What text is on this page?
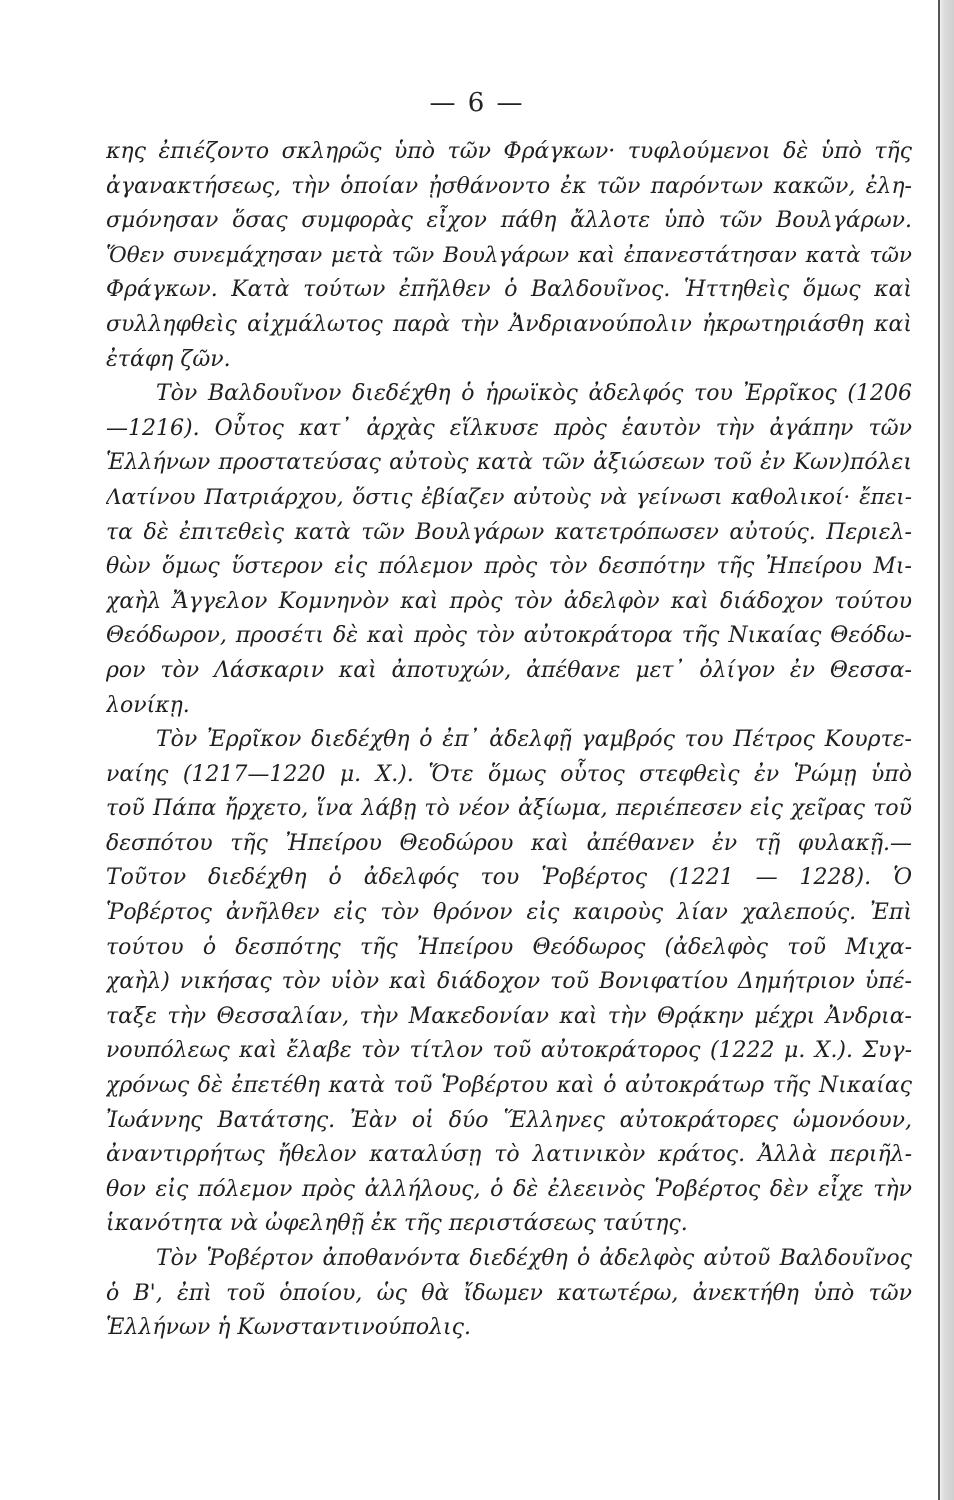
— 6 —
κης ἐπιέζοντο σκληρῶς ὑπὸ τῶν Φράγκων· τυφλούμενοι δὲ ὑπὸ τῆς
ἀγανακτήσεως, τὴν ὁποίαν ᾐσθάνοντο ἐκ τῶν παρόντων κακῶν, ἐλη-
σμόνησαν ὅσας συμφορὰς εἶχον πάθη ἄλλοτε ὑπὸ τῶν Βουλγάρων.
Ὅθεν συνεμάχησαν μετὰ τῶν Βουλγάρων καὶ ἐπανεστάτησαν κατὰ τῶν
Φράγκων. Κατὰ τούτων ἐπῆλθεν ὁ Βαλδουῖνος. Ἡττηθεὶς ὅμως καὶ
συλληφθεὶς αἰχμάλωτος παρὰ τὴν Ἀνδριανούπολιν ἠκρωτηριάσθη καὶ
ἐτάφη ζῶν.
Τὸν Βαλδουῖνον διεδέχθη ὁ ἡρωϊκὸς ἀδελφός του Ἐρρῖκος (1206
—1216). Οὗτος κατ᾽ ἀρχὰς εἵλκυσε πρὸς ἑαυτὸν τὴν ἀγάπην τῶν
Ἑλλήνων προστατεύσας αὐτοὺς κατὰ τῶν ἀξιώσεων τοῦ ἐν Κων)πόλει
Λατίνου Πατριάρχου, ὅστις ἐβίαζεν αὐτοὺς νὰ γείνωσι καθολικοί· ἔπει-
τα δὲ ἐπιτεθεὶς κατὰ τῶν Βουλγάρων κατετρόπωσεν αὐτούς. Περιελ-
θὼν ὅμως ὕστερον εἰς πόλεμον πρὸς τὸν δεσπότην τῆς Ἠπείρου Μι-
χαὴλ Ἄγγελον Κομνηνὸν καὶ πρὸς τὸν ἀδελφὸν καὶ διάδοχον τούτου
Θεόδωρον, προσέτι δὲ καὶ πρὸς τὸν αὐτοκράτορα τῆς Νικαίας Θεόδω-
ρον τὸν Λάσκαριν καὶ ἀποτυχών, ἀπέθανε μετ᾽ ὀλίγον ἐν Θεσσα-
λονίκῃ.
Τὸν Ἐρρῖκον διεδέχθη ὁ ἐπ᾽ ἀδελφῇ γαμβρός του Πέτρος Κουρτε-
ναίης (1217—1220 μ. Χ.). Ὅτε ὅμως οὗτος στεφθεὶς ἐν Ῥώμῃ ὑπὸ
τοῦ Πάπα ἤρχετο, ἵνα λάβῃ τὸ νέον ἀξίωμα, περιέπεσεν εἰς χεῖρας τοῦ
δεσπότου τῆς Ἠπείρου Θεοδώρου καὶ ἀπέθανεν ἐν τῇ φυλακῇ.—
Τοῦτον διεδέχθη ὁ ἀδελφός του Ῥοβέρτος (1221 — 1228). Ὁ
Ῥοβέρτος ἀνῆλθεν εἰς τὸν θρόνον εἰς καιροὺς λίαν χαλεπούς. Ἐπὶ
τούτου ὁ δεσπότης τῆς Ἠπείρου Θεόδωρος (ἀδελφὸς τοῦ Μιχα-
χαὴλ) νικήσας τὸν υἱὸν καὶ διάδοχον τοῦ Βονιφατίου Δημήτριον ὑπέ-
ταξε τὴν Θεσσαλίαν, τὴν Μακεδονίαν καὶ τὴν Θρᾴκην μέχρι Ἀνδρια-
νουπόλεως καὶ ἔλαβε τὸν τίτλον τοῦ αὐτοκράτορος (1222 μ. Χ.). Συγ-
χρόνως δὲ ἐπετέθη κατὰ τοῦ Ῥοβέρτου καὶ ὁ αὐτοκράτωρ τῆς Νικαίας
Ἰωάννης Βατάτσης. Ἐὰν οἱ δύο Ἕλληνες αὐτοκράτορες ὡμονόουν,
ἀναντιρρήτως ἤθελον καταλύσῃ τὸ λατινικὸν κράτος. Ἀλλὰ περιῆλ-
θον εἰς πόλεμον πρὸς ἀλλήλους, ὁ δὲ ἐλεεινὸς Ῥοβέρτος δὲν εἶχε τὴν
ἱκανότητα νὰ ὠφεληθῇ ἐκ τῆς περιστάσεως ταύτης.
Τὸν Ῥοβέρτον ἀποθανόντα διεδέχθη ὁ ἀδελφὸς αὐτοῦ Βαλδουῖνος
ὁ Β', ἐπὶ τοῦ ὁποίου, ὡς θὰ ἴδωμεν κατωτέρω, ἀνεκτήθη ὑπὸ τῶν
Ἑλλήνων ἡ Κωνσταντινούπολις.
